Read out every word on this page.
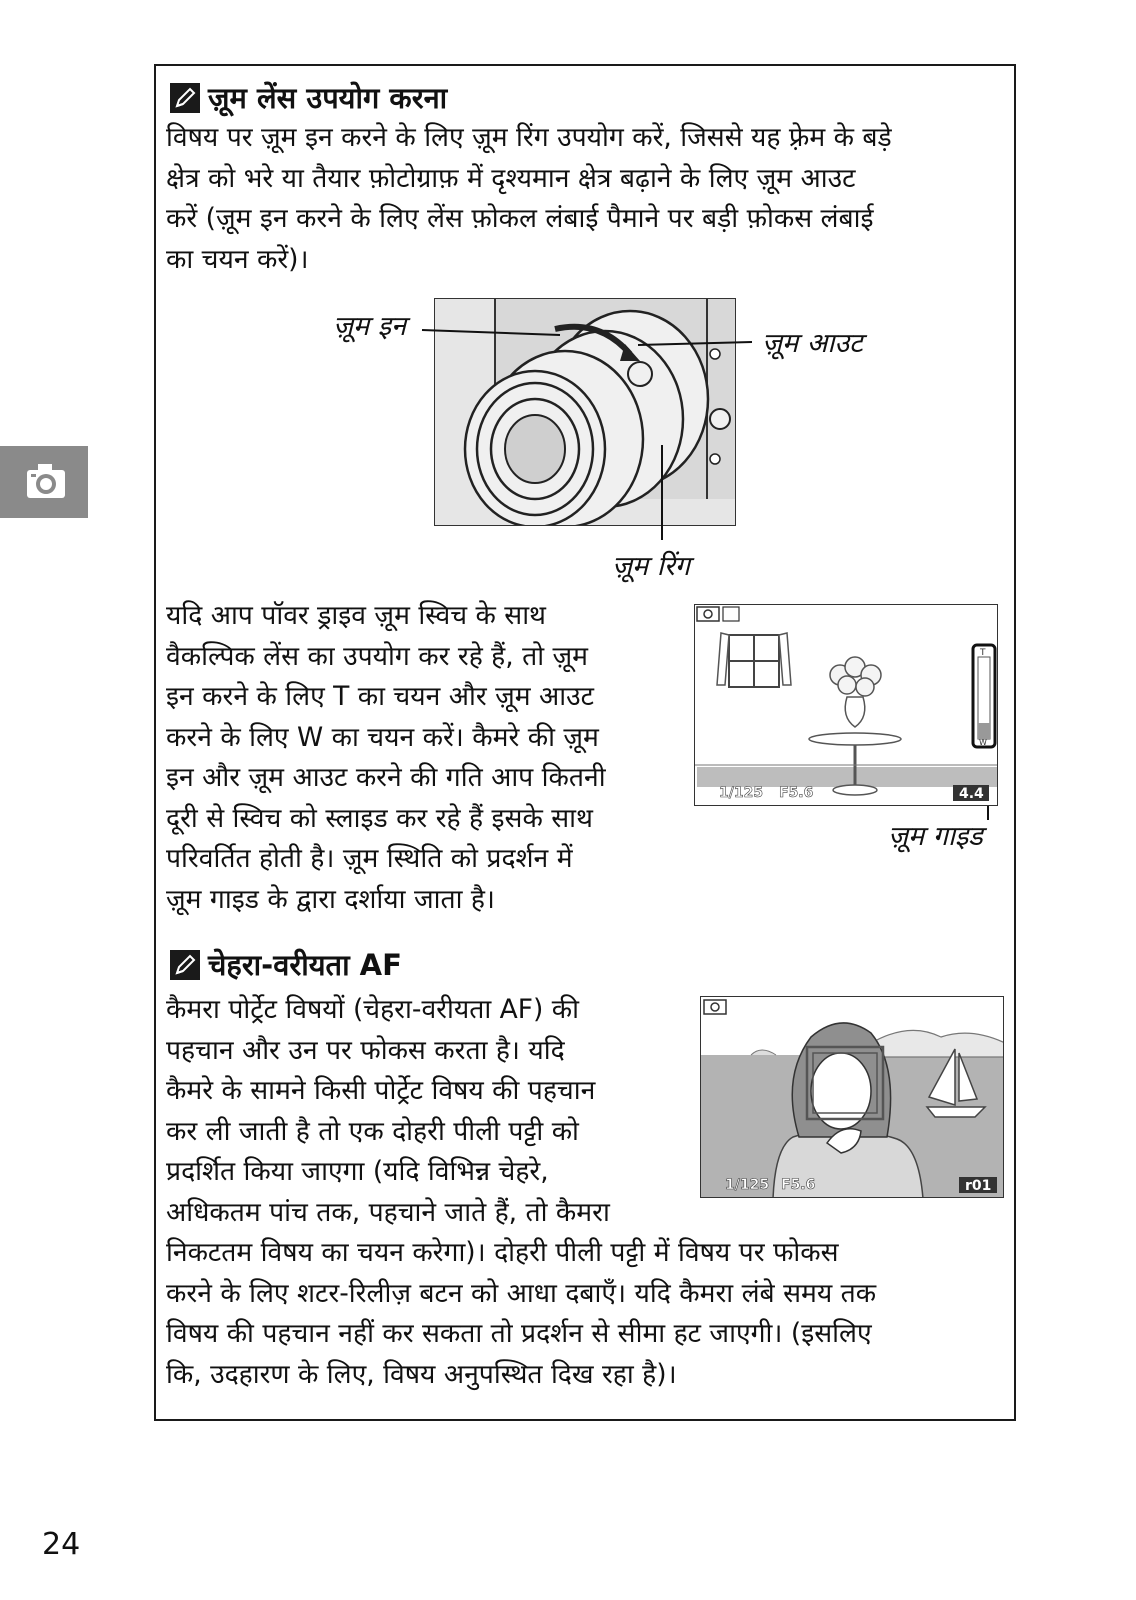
ज़ूम लेंस उपयोग करना

विषय पर ज़ूम इन करने के लिए ज़ूम रिंग उपयोग करें, जिससे यह फ़्रेम के बड़े

क्षेत्र को भरे या तैयार फ़ोटोग्राफ़ में दृश्यमान क्षेत्र बढ़ाने के लिए ज़ूम आउट

करें (ज़ूम इन करने के लिए लेंस फ़ोकल लंबाई पैमाने पर बड़ी फ़ोकस लंबाई

का चयन करें)।

ज़ूम इन
ज़ूम आउट
ज़ूम रिंग

यदि आप पॉवर ड्राइव ज़ूम स्विच के साथ

वैकल्पिक लेंस का उपयोग कर रहे हैं, तो ज़ूम

इन करने के लिए T का चयन और ज़ूम आउट

करने के लिए W का चयन करें। कैमरे की ज़ूम

इन और ज़ूम आउट करने की गति आप कितनी

दूरी से स्विच को स्लाइड कर रहे हैं इसके साथ

परिवर्तित होती है। ज़ूम स्थिति को प्रदर्शन में

ज़ूम गाइड के द्वारा दर्शाया जाता है।

1/125 F5.6	4.4
T
W
ज़ूम गाइड
चेहरा-वरीयता AF

कैमरा पोर्ट्रेट विषयों (चेहरा-वरीयता AF) की

पहचान और उन पर फोकस करता है। यदि

कैमरे के सामने किसी पोर्ट्रेट विषय की पहचान

कर ली जाती है तो एक दोहरी पीली पट्टी को

प्रदर्शित किया जाएगा (यदि विभिन्न चेहरे,

अधिकतम पांच तक, पहचाने जाते हैं, तो कैमरा

1/125 F5.6	r01

निकटतम विषय का चयन करेगा)। दोहरी पीली पट्टी में विषय पर फोकस

करने के लिए शटर-रिलीज़ बटन को आधा दबाएँ। यदि कैमरा लंबे समय तक

विषय की पहचान नहीं कर सकता तो प्रदर्शन से सीमा हट जाएगी। (इसलिए

कि, उदहारण के लिए, विषय अनुपस्थित दिख रहा है)।

24
